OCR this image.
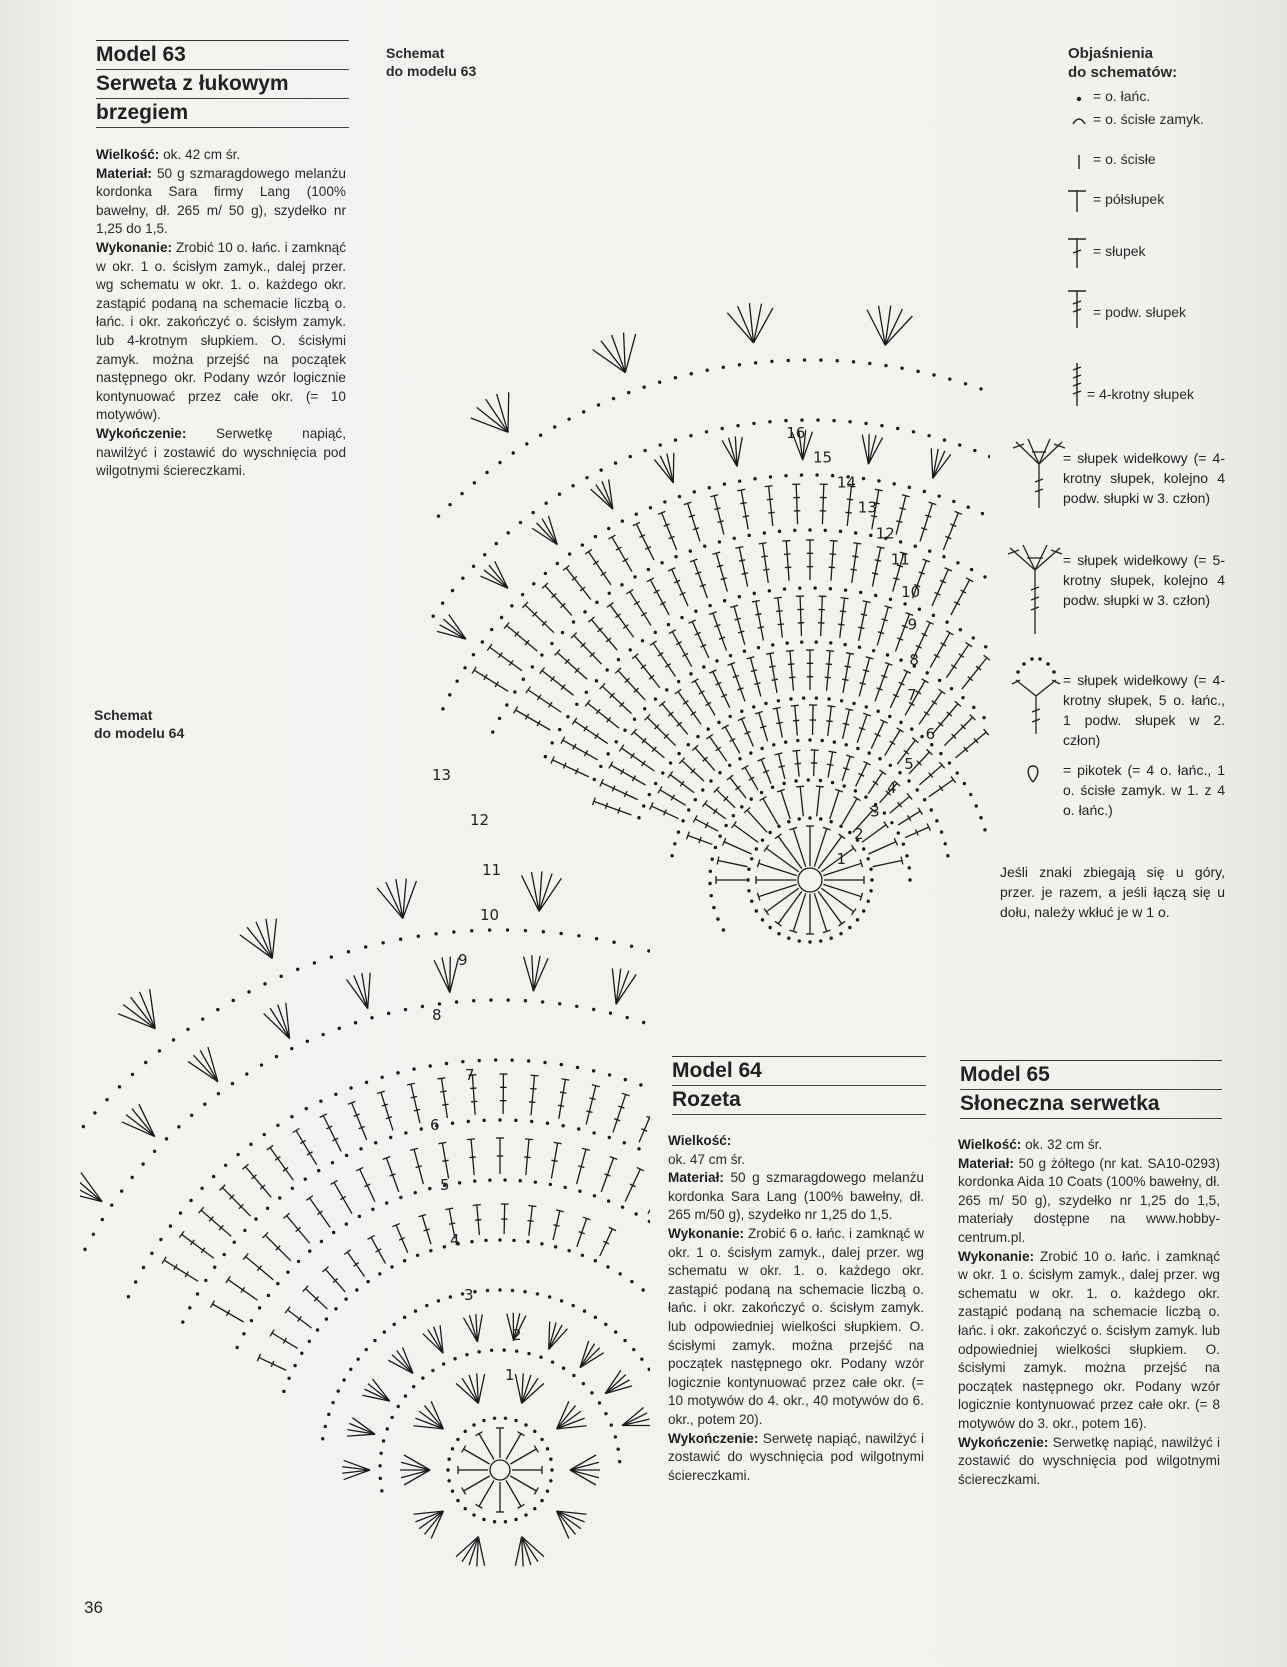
Model 63
Serweta z łukowym
brzegiem
Wielkość: ok. 42 cm śr.
Materiał: 50 g szmaragdowego melanżu kordonka Sara firmy Lang (100% bawełny, dł. 265 m/ 50 g), szydełko nr 1,25 do 1,5.
Wykonanie: Zrobić 10 o. łańc. i zamknąć w okr. 1 o. ścisłym zamyk., dalej przer. wg schematu w okr. 1. o. każdego okr. zastąpić podaną na schemacie liczbą o. łańc. i okr. zakończyć o. ścisłym zamyk. lub 4-krotnym słupkiem. O. ścisłymi zamyk. można przejść na początek następnego okr. Podany wzór logicznie kontynuować przez całe okr. (= 10 motywów).
Wykończenie: Serwetkę napiąć, nawilżyć i zostawić do wyschnięcia pod wilgotnymi ściereczkami.
Schemat
do modelu 63
Schemat
do modelu 64
1
2
3
4
5
6
7
8
9
10
11
12
13
14
15
16
1
2
3
4
5
6
7
8
9
10
11
12
13
Objaśnienia
do schematów:
= o. łańc.
= o. ścisłe zamyk.
= o. ścisłe
= półsłupek
= słupek
= podw. słupek
= 4-krotny słupek
= słupek widełkowy (= 4-krotny słupek, kolejno 4 podw. słupki w 3. człon)
= słupek widełkowy (= 5-krotny słupek, kolejno 4 podw. słupki w 3. człon)
= słupek widełkowy (= 4-krotny słupek, 5 o. łańc., 1 podw. słupek w 2. człon)
= pikotek (= 4 o. łańc., 1 o. ścisłe zamyk. w 1. z 4 o. łańc.)
Jeśli znaki zbiegają się u góry, przer. je razem, a jeśli łączą się u dołu, należy wkłuć je w 1 o.
Model 64
Rozeta
Wielkość:
ok. 47 cm śr.
Materiał: 50 g szmaragdowego melanżu kordonka Sara Lang (100% bawełny, dł. 265 m/50 g), szydełko nr 1,25 do 1,5.
Wykonanie: Zrobić 6 o. łańc. i zamknąć w okr. 1 o. ścisłym zamyk., dalej przer. wg schematu w okr. 1. o. każdego okr. zastąpić podaną na schemacie liczbą o. łańc. i okr. zakończyć o. ścisłym zamyk. lub odpowiedniej wielkości słupkiem. O. ścisłymi zamyk. można przejść na początek następnego okr. Podany wzór logicznie kontynuować przez całe okr. (= 10 motywów do 4. okr., 40 motywów do 6. okr., potem 20).
Wykończenie: Serwetę napiąć, nawilżyć i zostawić do wyschnięcia pod wilgotnymi ściereczkami.
Model 65
Słoneczna serwetka
Wielkość: ok. 32 cm śr.
Materiał: 50 g żółtego (nr kat. SA10-0293) kordonka Aida 10 Coats (100% bawełny, dł. 265 m/ 50 g), szydełko nr 1,25 do 1,5, materiały dostępne na www.hobby-centrum.pl.
Wykonanie: Zrobić 10 o. łańc. i zamknąć w okr. 1 o. ścisłym zamyk., dalej przer. wg schematu w okr. 1. o. każdego okr. zastąpić podaną na schemacie liczbą o. łańc. i okr. zakończyć o. ścisłym zamyk. lub odpowiedniej wielkości słupkiem. O. ścisłymi zamyk. można przejść na początek następnego okr. Podany wzór logicznie kontynuować przez całe okr. (= 8 motywów do 3. okr., potem 16).
Wykończenie: Serwetkę napiąć, nawilżyć i zostawić do wyschnięcia pod wilgotnymi ściereczkami.
36
